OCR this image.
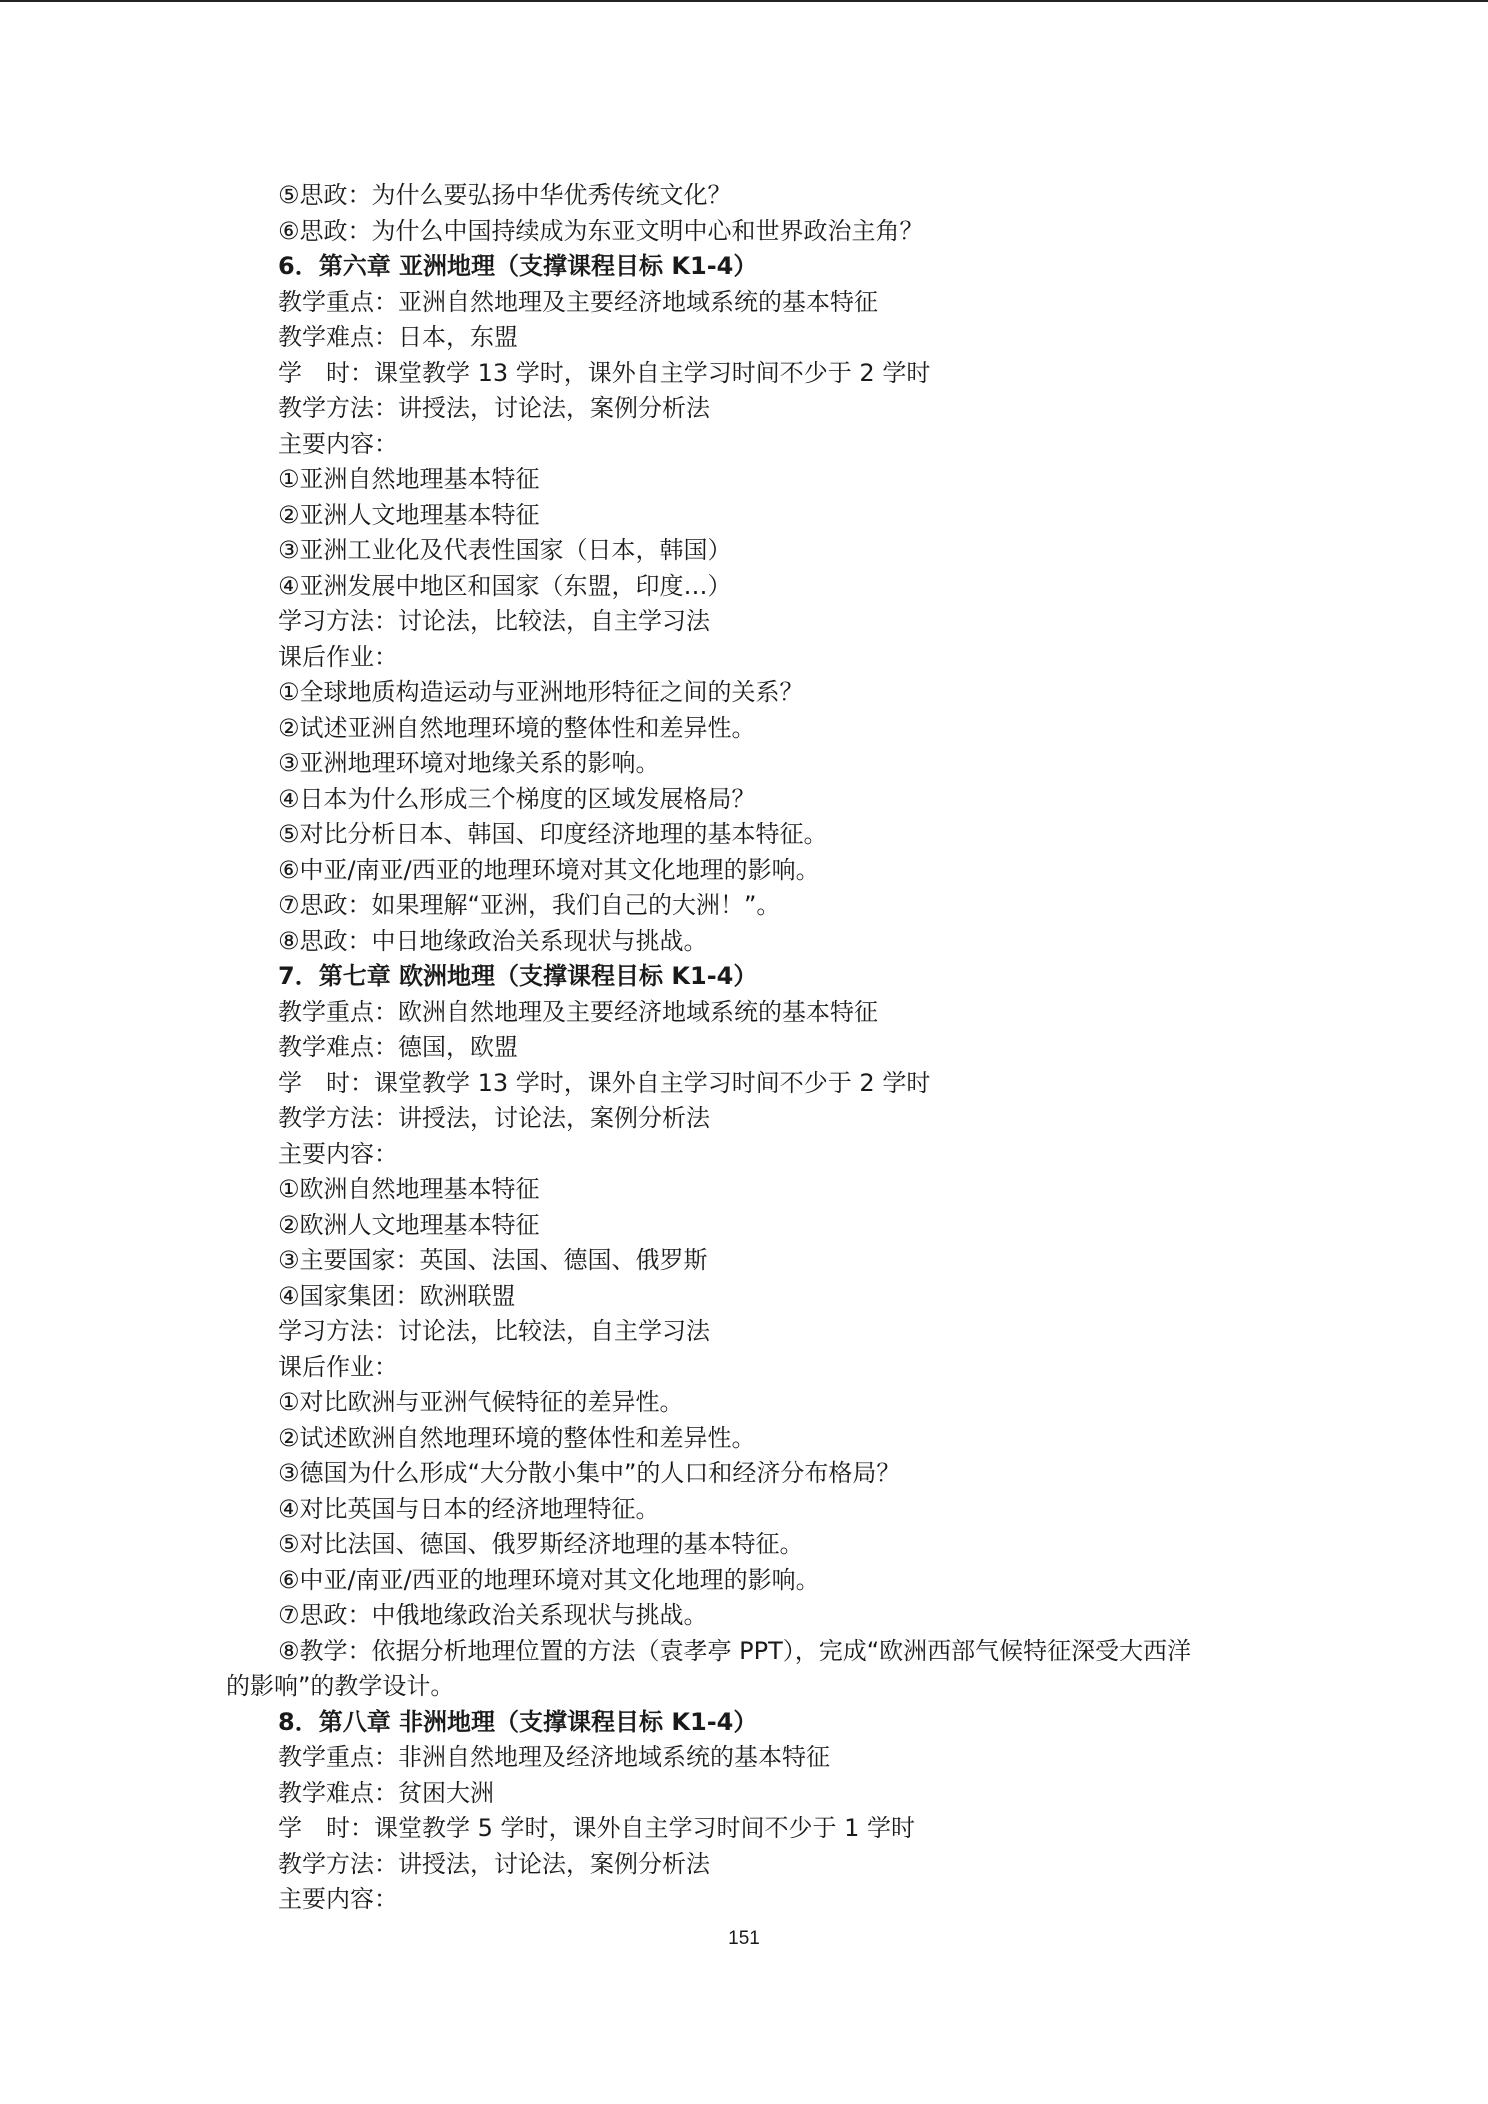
⑤思政：为什么要弘扬中华优秀传统文化？
⑥思政：为什么中国持续成为东亚文明中心和世界政治主角？
6．第六章 亚洲地理（支撑课程目标 K1-4）
教学重点：亚洲自然地理及主要经济地域系统的基本特征
教学难点：日本，东盟
学　时：课堂教学 13 学时，课外自主学习时间不少于 2 学时
教学方法：讲授法，讨论法，案例分析法
主要内容：
①亚洲自然地理基本特征
②亚洲人文地理基本特征
③亚洲工业化及代表性国家（日本，韩国）
④亚洲发展中地区和国家（东盟，印度…）
学习方法：讨论法，比较法，自主学习法
课后作业：
①全球地质构造运动与亚洲地形特征之间的关系？
②试述亚洲自然地理环境的整体性和差异性。
③亚洲地理环境对地缘关系的影响。
④日本为什么形成三个梯度的区域发展格局？
⑤对比分析日本、韩国、印度经济地理的基本特征。
⑥中亚/南亚/西亚的地理环境对其文化地理的影响。
⑦思政：如果理解“亚洲，我们自己的大洲！”。
⑧思政：中日地缘政治关系现状与挑战。
7．第七章 欧洲地理（支撑课程目标 K1-4）
教学重点：欧洲自然地理及主要经济地域系统的基本特征
教学难点：德国，欧盟
学　时：课堂教学 13 学时，课外自主学习时间不少于 2 学时
教学方法：讲授法，讨论法，案例分析法
主要内容：
①欧洲自然地理基本特征
②欧洲人文地理基本特征
③主要国家：英国、法国、德国、俄罗斯
④国家集团：欧洲联盟
学习方法：讨论法，比较法，自主学习法
课后作业：
①对比欧洲与亚洲气候特征的差异性。
②试述欧洲自然地理环境的整体性和差异性。
③德国为什么形成“大分散小集中”的人口和经济分布格局？
④对比英国与日本的经济地理特征。
⑤对比法国、德国、俄罗斯经济地理的基本特征。
⑥中亚/南亚/西亚的地理环境对其文化地理的影响。
⑦思政：中俄地缘政治关系现状与挑战。
⑧教学：依据分析地理位置的方法（袁孝亭 PPT），完成“欧洲西部气候特征深受大西洋
的影响”的教学设计。
8．第八章 非洲地理（支撑课程目标 K1-4）
教学重点：非洲自然地理及经济地域系统的基本特征
教学难点：贫困大洲
学　时：课堂教学 5 学时，课外自主学习时间不少于 1 学时
教学方法：讲授法，讨论法，案例分析法
主要内容：
151
